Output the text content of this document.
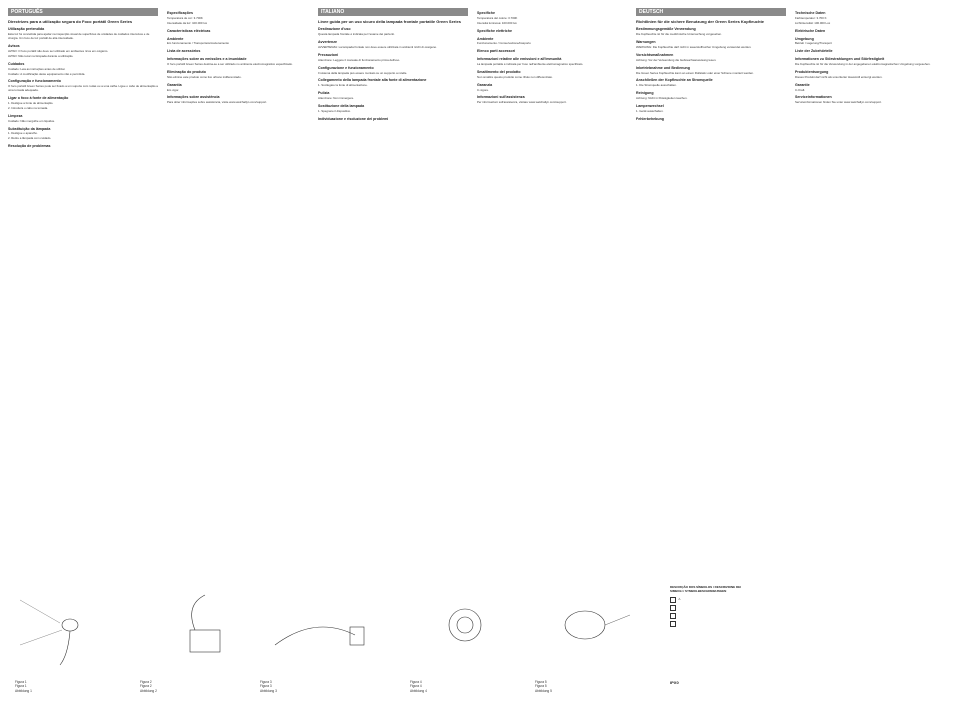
PORTUGUÊS
Directrizes para a utilização segura do Foco portátil Green Series
Utilização pretendida
Esta luz foi concebida para ajudar na inspecção visual de superfícies de unidades de cuidados intensivos e de cirurgia. Um foco de luz portátil de alta intensidade.
Avisos
AVISO: O foco portátil não deve ser utilizado em ambientes ricos em oxigénio.
AVISO: Não tocar na lâmpada durante a utilização.
Cuidados
Cuidado: Leia as instruções antes de utilizar.
Cuidado: A modificação deste equipamento não é permitida.
Configuração e funcionamento
O foco portátil Green Series pode ser fixado a um suporte com rodas ou a uma calha. Ligue o cabo de alimentação a uma tomada adequada.
Ligar o foco à fonte de alimentação
1. Desligue a fonte de alimentação.
2. Introduza o cabo na tomada.
Limpeza
Cuidado: Não mergulhe em líquidos.
Substituição da lâmpada
1. Desligue o aparelho.
2. Retire a lâmpada com cuidado.
Resolução de problemas
Especificações
Temperatura de cor: 3.700K
Intensidade da luz: 100.000 lux
Características eléctricas
Ambiente
Em funcionamento / Transporte/armazenamento
Lista de acessórios
Informações sobre as emissões e a imunidade
O foco portátil Green Series destina-se a ser utilizado no ambiente electromagnético especificado.
Eliminação do produto
Não elimine este produto como lixo urbano indiferenciado.
Garantia
Em vigor.
Informações sobre assistência
Para obter informações sobre assistência, visite www.welchallyn.com/support.
ITALIANO
Linee guida per un uso sicuro della lampada frontale portatile Green Series
Destinazione d'uso
Questa lampada frontale è indicata per l'esame dei pazienti.
Avvertenze
AVVERTENZA: La lampada frontale non deve essere utilizzata in ambienti ricchi di ossigeno.
Precauzioni
Attenzione: Leggere il manuale di funzionamento prima dell'uso.
Configurazione e funzionamento
Il sistema della lampada può essere montato su un supporto a rotelle.
Collegamento della lampada frontale alla fonte di alimentazione
1. Scollegare la fonte di alimentazione.
Pulizia
Attenzione: Non immergere.
Sostituzione della lampada
1. Spegnere il dispositivo.
Individuazione e risoluzione dei problemi
Specifiche
Temperatura del colore: 3.700K
Intensità luminosa: 100.000 lux
Specifiche elettriche
Ambiente
Funzionamento / Conservazione/trasporto
Elenco parti accessori
Informazioni relative alle emissioni e all'immunità
La lampada portatile è indicata per l'uso nell'ambiente elettromagnetico specificato.
Smaltimento del prodotto
Non smaltire questo prodotto come rifiuto non differenziato.
Garanzia
In vigore.
Informazioni sull'assistenza
Per informazioni sull'assistenza, visitare www.welchallyn.com/support.
DEUTSCH
Richtlinien für die sichere Benutzung der Green Series Kopfleuchte
Bestimmungsgemäße Verwendung
Die Kopfleuchte ist für die medizinische Untersuchung vorgesehen.
Warnungen
WARNUNG: Die Kopfleuchte darf nicht in sauerstoffreicher Umgebung verwendet werden.
Vorsichtsmaßnahmen
Achtung: Vor der Verwendung die Gebrauchsanweisung lesen.
Inbetriebnahme und Bedienung
Die Green Series Kopfleuchte kann an einem Rollstativ oder einer Schiene montiert werden.
Anschließen der Kopfleuchte an Stromquelle
1. Die Stromquelle ausschalten.
Reinigung
Achtung: Nicht in Flüssigkeiten tauchen.
Lampenwechsel
1. Gerät ausschalten.
Fehlerbehebung
Technische Daten
Farbtemperatur: 3.700 K
Lichtintensität: 100.000 Lux
Elektrische Daten
Umgebung
Betrieb / Lagerung/Transport
Liste der Zubehörteile
Informationen zu Störstrahlungen und Störfestigkeit
Die Kopfleuchte ist für die Verwendung in der angegebenen elektromagnetischen Umgebung vorgesehen.
Produktentsorgung
Dieses Produkt darf nicht als unsortierter Hausmüll entsorgt werden.
Garantie
In Kraft.
Serviceinformationen
Serviceinformationen finden Sie unter www.welchallyn.com/support.
Figura 1
Figura 1
Abbildung 1
Figura 2
Figura 2
Abbildung 2
Figura 3
Figura 3
Abbildung 3
Figura 4
Figura 4
Abbildung 4
Figura 5
Figura 5
Abbildung 5
DESCRIÇÃO DOS SÍMBOLOS / DESCRIZIONE DEI SIMBOLI / SYMBOLBESCHREIBUNGEN
⚠
IPX0
